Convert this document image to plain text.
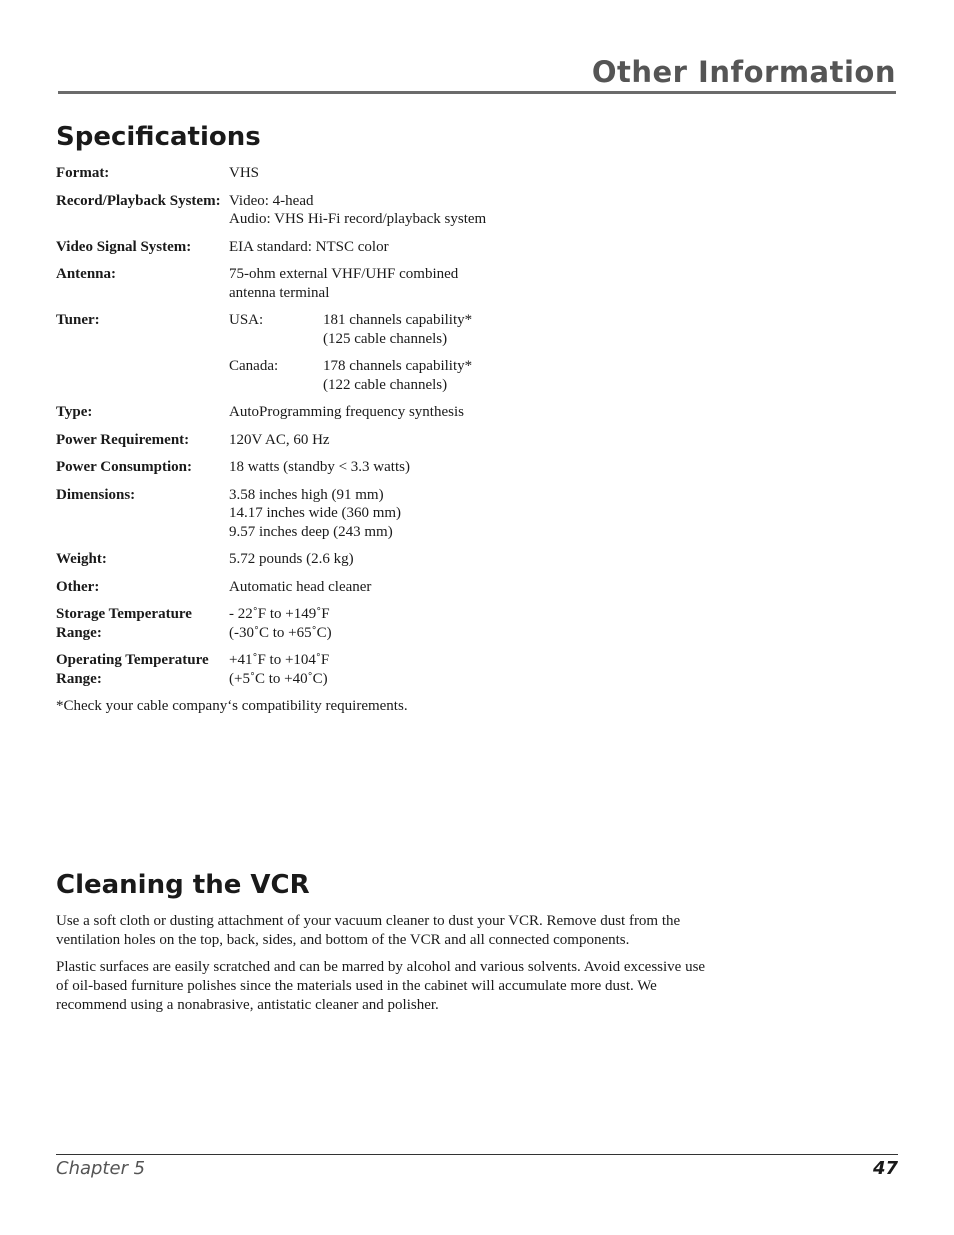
Other Information
Specifications
Format:	VHS
Record/Playback System: Video: 4-head
Audio: VHS Hi-Fi record/playback system
Video Signal System:	EIA standard: NTSC color
Antenna:	75-ohm external VHF/UHF combined
antenna terminal
Tuner:	USA:	181 channels capability*
(125 cable channels)
Canada:	178 channels capability*
(122 cable channels)
Type:	AutoProgramming frequency synthesis
Power Requirement:	120V AC, 60 Hz
Power Consumption:	18 watts (standby < 3.3 watts)
Dimensions:	3.58 inches high (91 mm)
14.17 inches wide (360 mm)
9.57 inches deep (243 mm)
Weight:	5.72 pounds (2.6 kg)
Other:	Automatic head cleaner
Storage Temperature Range:
- 22˚F to +149˚F
(-30˚C to +65˚C)
Operating Temperature Range:
+41˚F to +104˚F
(+5˚C to +40˚C)
*Check your cable company‘s compatibility requirements.
Cleaning the VCR

Use a soft cloth or dusting attachment of your vacuum cleaner to dust your VCR. Remove dust from the ventilation holes on the top, back, sides, and bottom of the VCR and all connected components.

Plastic surfaces are easily scratched and can be marred by alcohol and various solvents. Avoid excessive use of oil-based furniture polishes since the materials used in the cabinet will accumulate more dust. We recommend using a nonabrasive, antistatic cleaner and polisher.

Chapter 5	47
